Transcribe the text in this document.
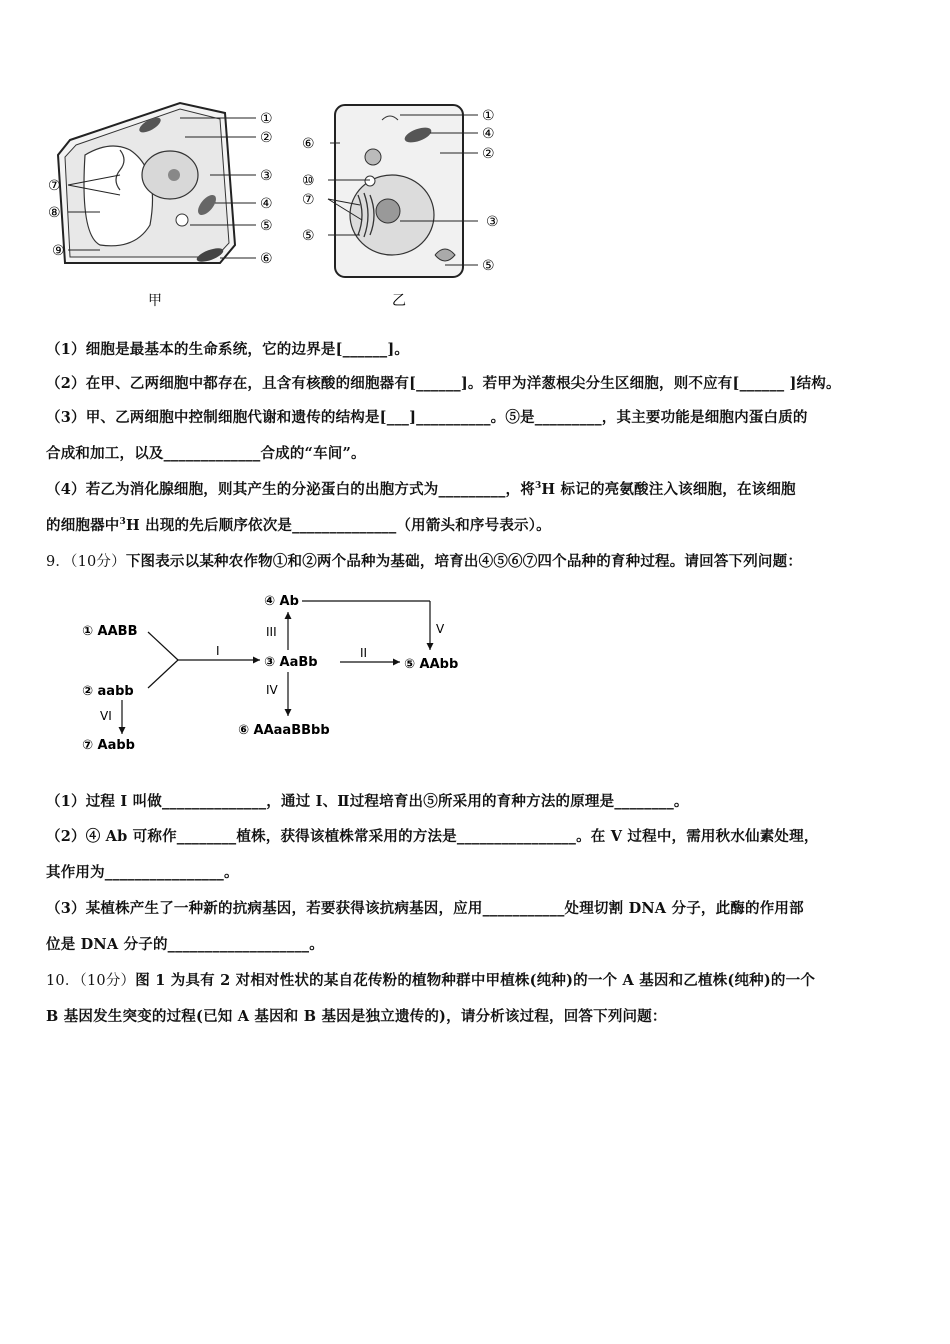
①
②
③
④
⑤
⑥
⑦
⑧
⑨
甲
①
④
②
⑥
⑩
⑦
③
⑤
⑤
乙
（1）细胞是最基本的生命系统，它的边界是[______]。
（2）在甲、乙两细胞中都存在，且含有核酸的细胞器有[______]。若甲为洋葱根尖分生区细胞，则不应有[______ ]结构。
（3）甲、乙两细胞中控制细胞代谢和遗传的结构是[___]__________。⑤是_________，其主要功能是细胞内蛋白质的
合成和加工，以及_____________合成的“车间”。
（4）若乙为消化腺细胞，则其产生的分泌蛋白的出胞方式为_________，将$^3$H 标记的亮氨酸注入该细胞，在该细胞
的细胞器中$^3$H 出现的先后顺序依次是______________（用箭头和序号表示）。
9．（10分）下图表示以某种农作物①和②两个品种为基础，培育出④⑤⑥⑦四个品种的育种过程。请回答下列问题：
① AABB
② aabb
③ AaBb
④ Ab
⑤ AAbb
⑥ AAaaBBbb
⑦ Aabb
I
III
II
V
IV
VI
（1）过程 I 叫做______________，通过 I、Ⅱ过程培育出⑤所采用的育种方法的原理是________。
（2）④ Ab 可称作________植株，获得该植株常采用的方法是________________。在 V 过程中，需用秋水仙素处理，
其作用为________________。
（3）某植株产生了一种新的抗病基因，若要获得该抗病基因，应用___________处理切割 DNA 分子，此酶的作用部
位是 DNA 分子的___________________。
10．（10分）图 1 为具有 2 对相对性状的某自花传粉的植物种群中甲植株(纯种)的一个 A 基因和乙植株(纯种)的一个
B 基因发生突变的过程(已知 A 基因和 B 基因是独立遗传的)，请分析该过程，回答下列问题：
